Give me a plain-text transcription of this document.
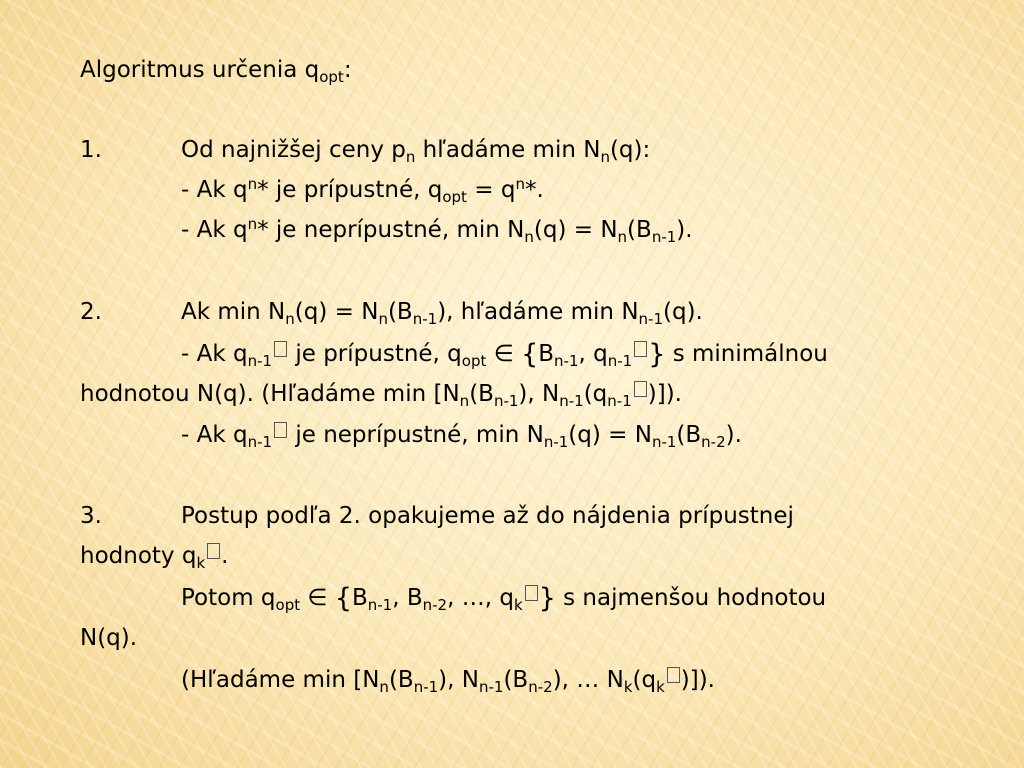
Algoritmus určenia $q_{opt}$:
1.	Od najnižšej ceny $p_n$ hľadáme $\min N_n(q)$:
- Ak $q^n*$ je prípustné, $q_{opt} = q^n*$.
- Ak $q^n*$ je neprípustné, $\min N_n(q) = N_n(B_{n-1})$.
2.	Ak $\min N_n(q) = N_n(B_{n-1})$, hľadáme $\min N_{n-1}(q)$.
- Ak $q_{n-1}$ je prípustné, $q_{opt}$ ∈ {$B_{n-1}$, $q_{n-1}$ } s minimálnou
hodnotou N(q). (Hľadáme $\min [N_n(B_{n-1})$, $N_{n-1}(q_{n-1}$ )]).
- Ak $q_{n-1}$ je neprípustné, $\min N_{n-1}(q) = N_{n-1}(B_{n-2})$.
3.	Postup podľa 2. opakujeme až do nájdenia prípustnej
hodnoty $q_k$ .
Potom $q_{opt}$ ∈ {$B_{n-1}$, $B_{n-2}$, …, $q_k$ } s najmenšou hodnotou
N(q).
(Hľadáme $\min [N_n(B_{n-1})$, $N_{n-1}(B_{n-2})$, … $N_k(q_k$ )]).
